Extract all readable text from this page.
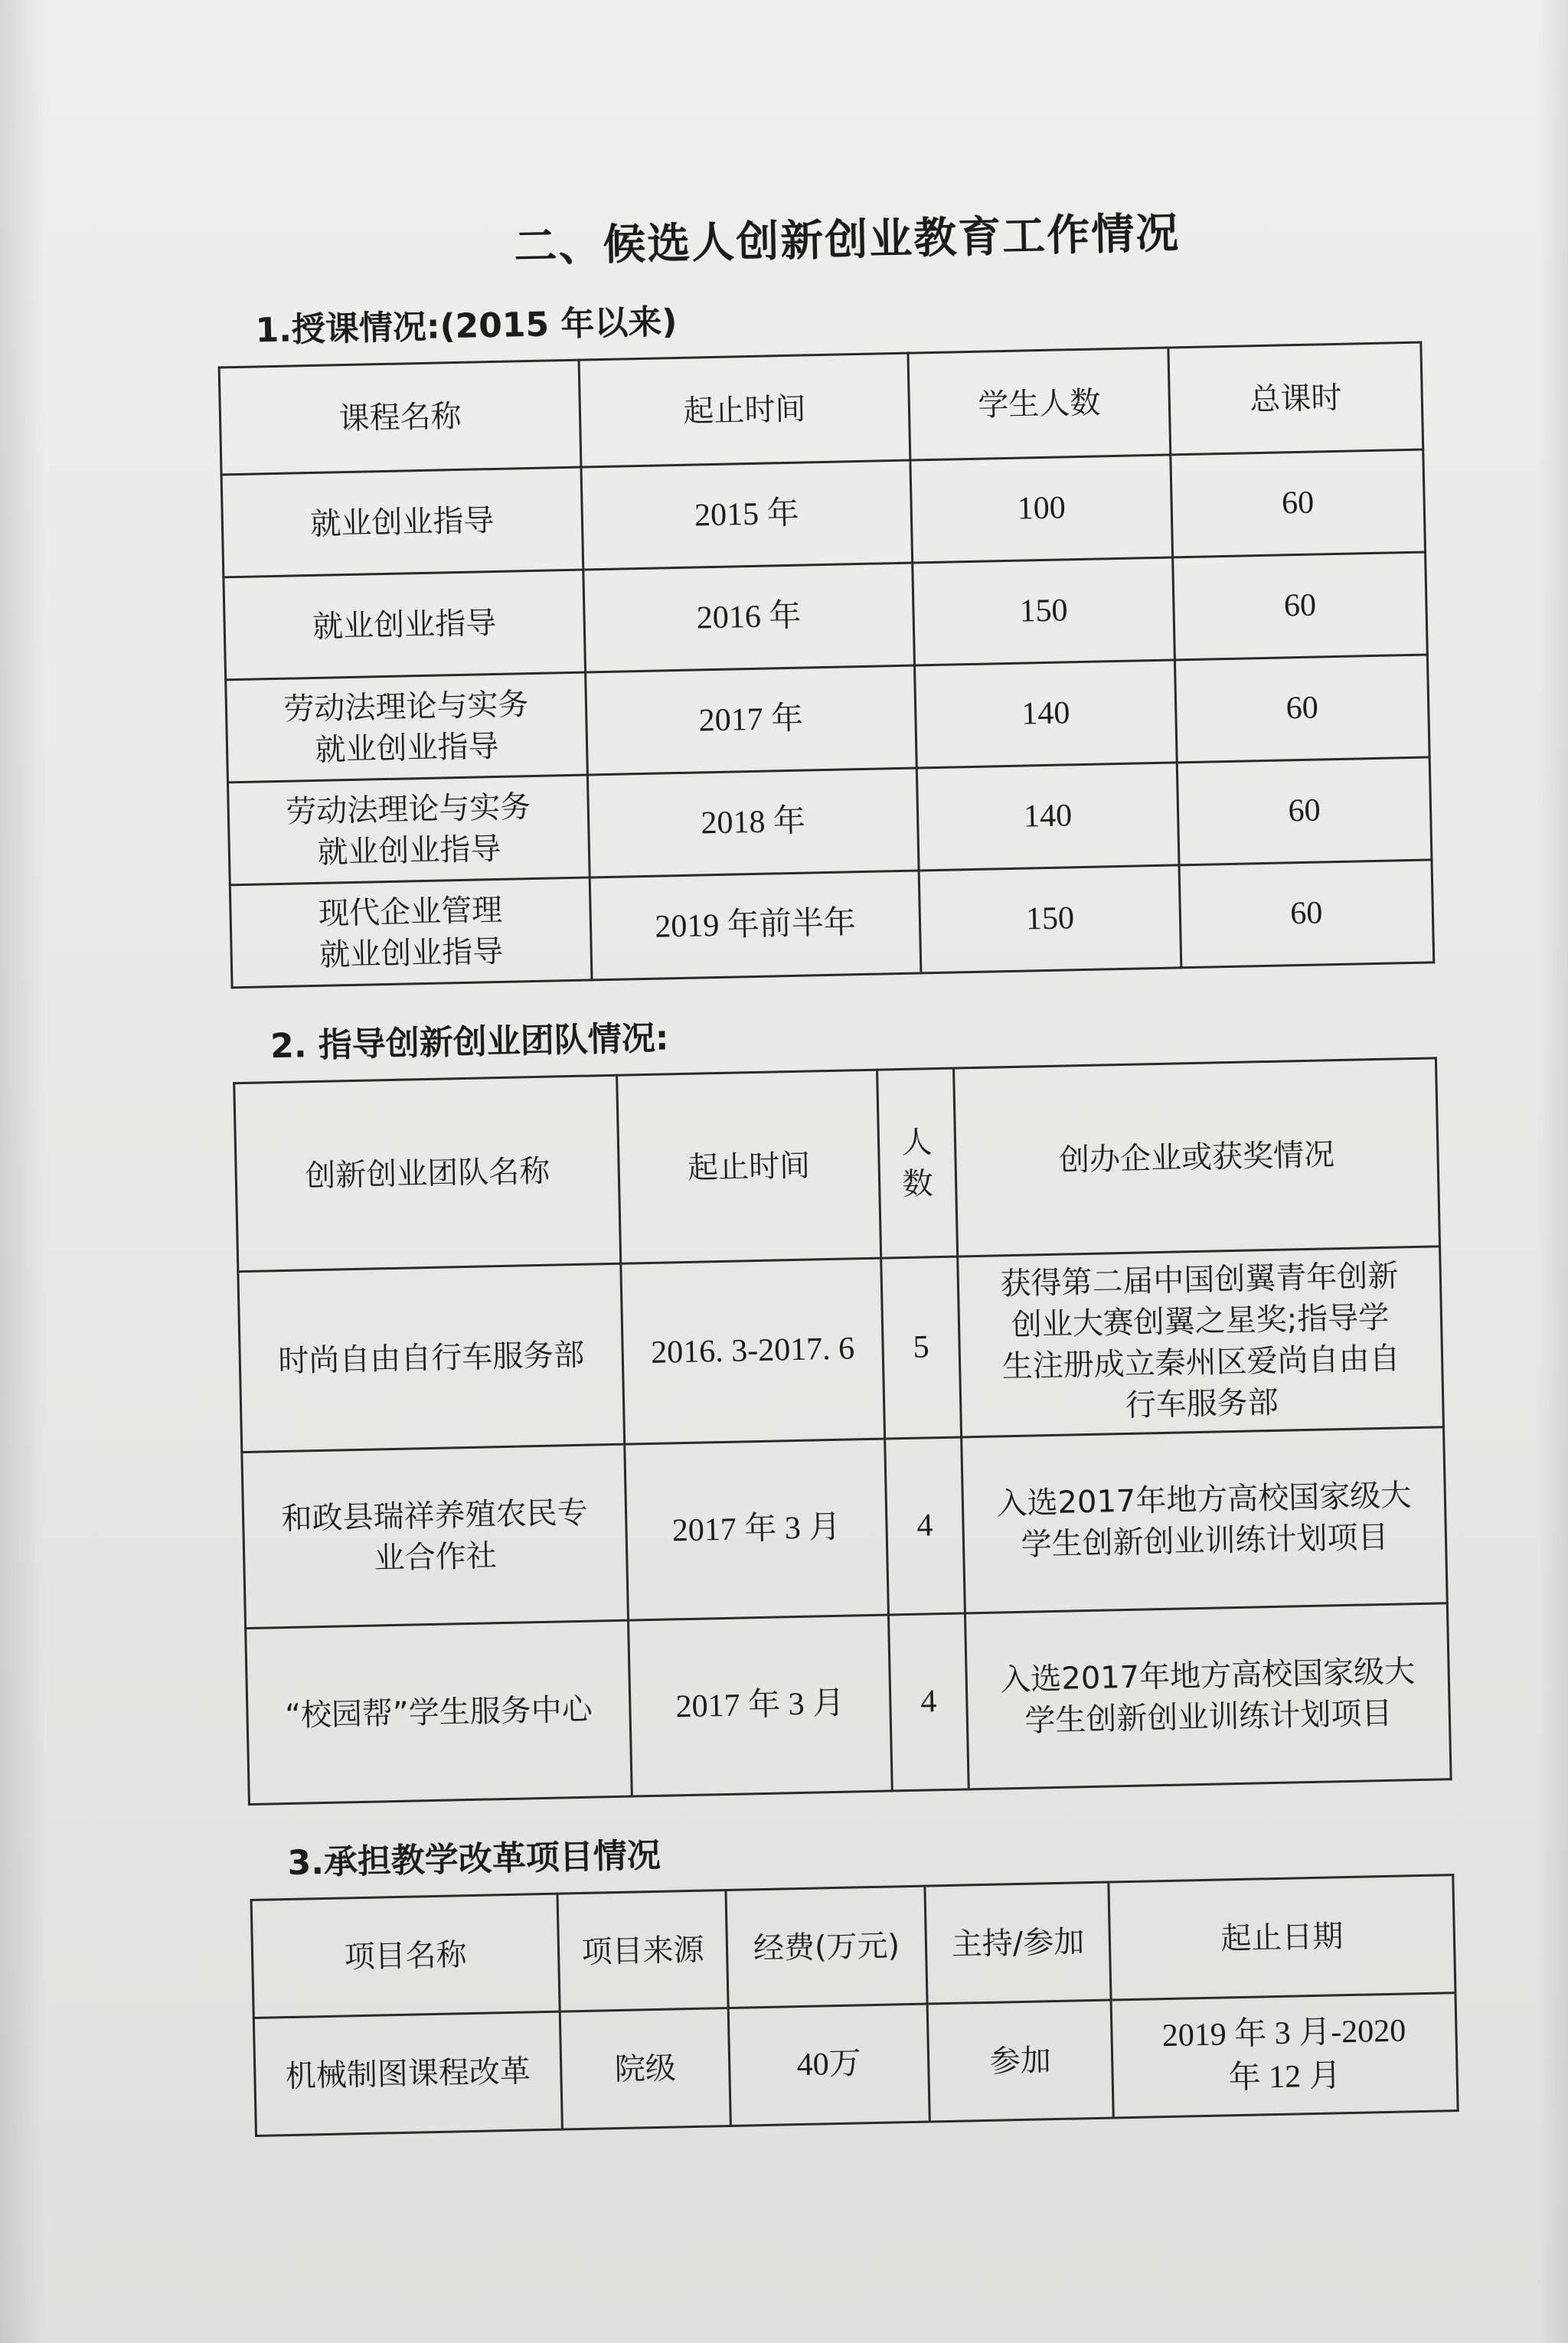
二、候选人创新创业教育工作情况
1.授课情况:(2015 年以来)
课程名称	起止时间	学生人数	总课时

就业创业指导	2015 年	100	60

就业创业指导	2016 年	150	60

劳动法理论与实务
就业创业指导	2017 年	140	60

劳动法理论与实务
就业创业指导	2018 年	140	60

现代企业管理
就业创业指导	2019 年前半年	150	60
2. 指导创新创业团队情况:
创新创业团队名称	起止时间	人数	创办企业或获奖情况

时尚自由自行车服务部	2016. 3-2017. 6	5	获得第二届中国创翼青年创新
创业大赛创翼之星奖;指导学
生注册成立秦州区爱尚自由自
行车服务部

和政县瑞祥养殖农民专
业合作社	2017 年 3 月	4	入选2017年地方高校国家级大
学生创新创业训练计划项目

“校园帮”学生服务中心	2017 年 3 月	4	入选2017年地方高校国家级大
学生创新创业训练计划项目
3.承担教学改革项目情况
项目名称	项目来源	经费(万元)	主持/参加	起止日期
机械制图课程改革	院级	40万	参加	2019 年 3 月-2020
年 12 月
